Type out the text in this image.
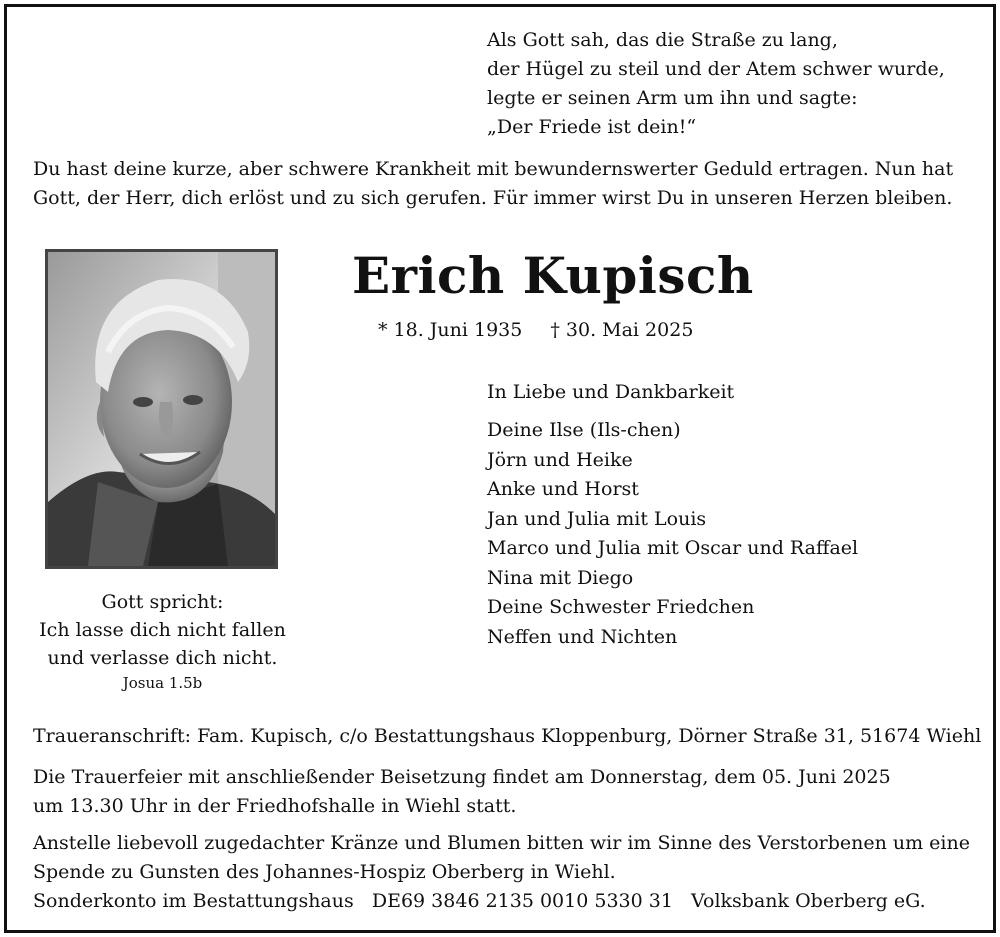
Als Gott sah, das die Straße zu lang,
der Hügel zu steil und der Atem schwer wurde,
legte er seinen Arm um ihn und sagte:
„Der Friede ist dein!“
Du hast deine kurze, aber schwere Krankheit mit bewundernswerter Geduld ertragen. Nun hat
Gott, der Herr, dich erlöst und zu sich gerufen. Für immer wirst Du in unseren Herzen bleiben.
Erich Kupisch
* 18. Juni 1935 † 30. Mai 2025
In Liebe und Dankbarkeit
Deine Ilse (Ils-chen)
Jörn und Heike
Anke und Horst
Jan und Julia mit Louis
Marco und Julia mit Oscar und Raffael
Nina mit Diego
Deine Schwester Friedchen
Neffen und Nichten
Gott spricht:
Ich lasse dich nicht fallen
und verlasse dich nicht.
Josua 1.5b
Traueranschrift: Fam. Kupisch, c/o Bestattungshaus Kloppenburg, Dörner Straße 31, 51674 Wiehl
Die Trauerfeier mit anschließender Beisetzung findet am Donnerstag, dem 05. Juni 2025
um 13.30 Uhr in der Friedhofshalle in Wiehl statt.
Anstelle liebevoll zugedachter Kränze und Blumen bitten wir im Sinne des Verstorbenen um eine
Spende zu Gunsten des Johannes-Hospiz Oberberg in Wiehl.
Sonderkonto im Bestattungshaus   DE69 3846 2135 0010 5330 31   Volksbank Oberberg eG.
